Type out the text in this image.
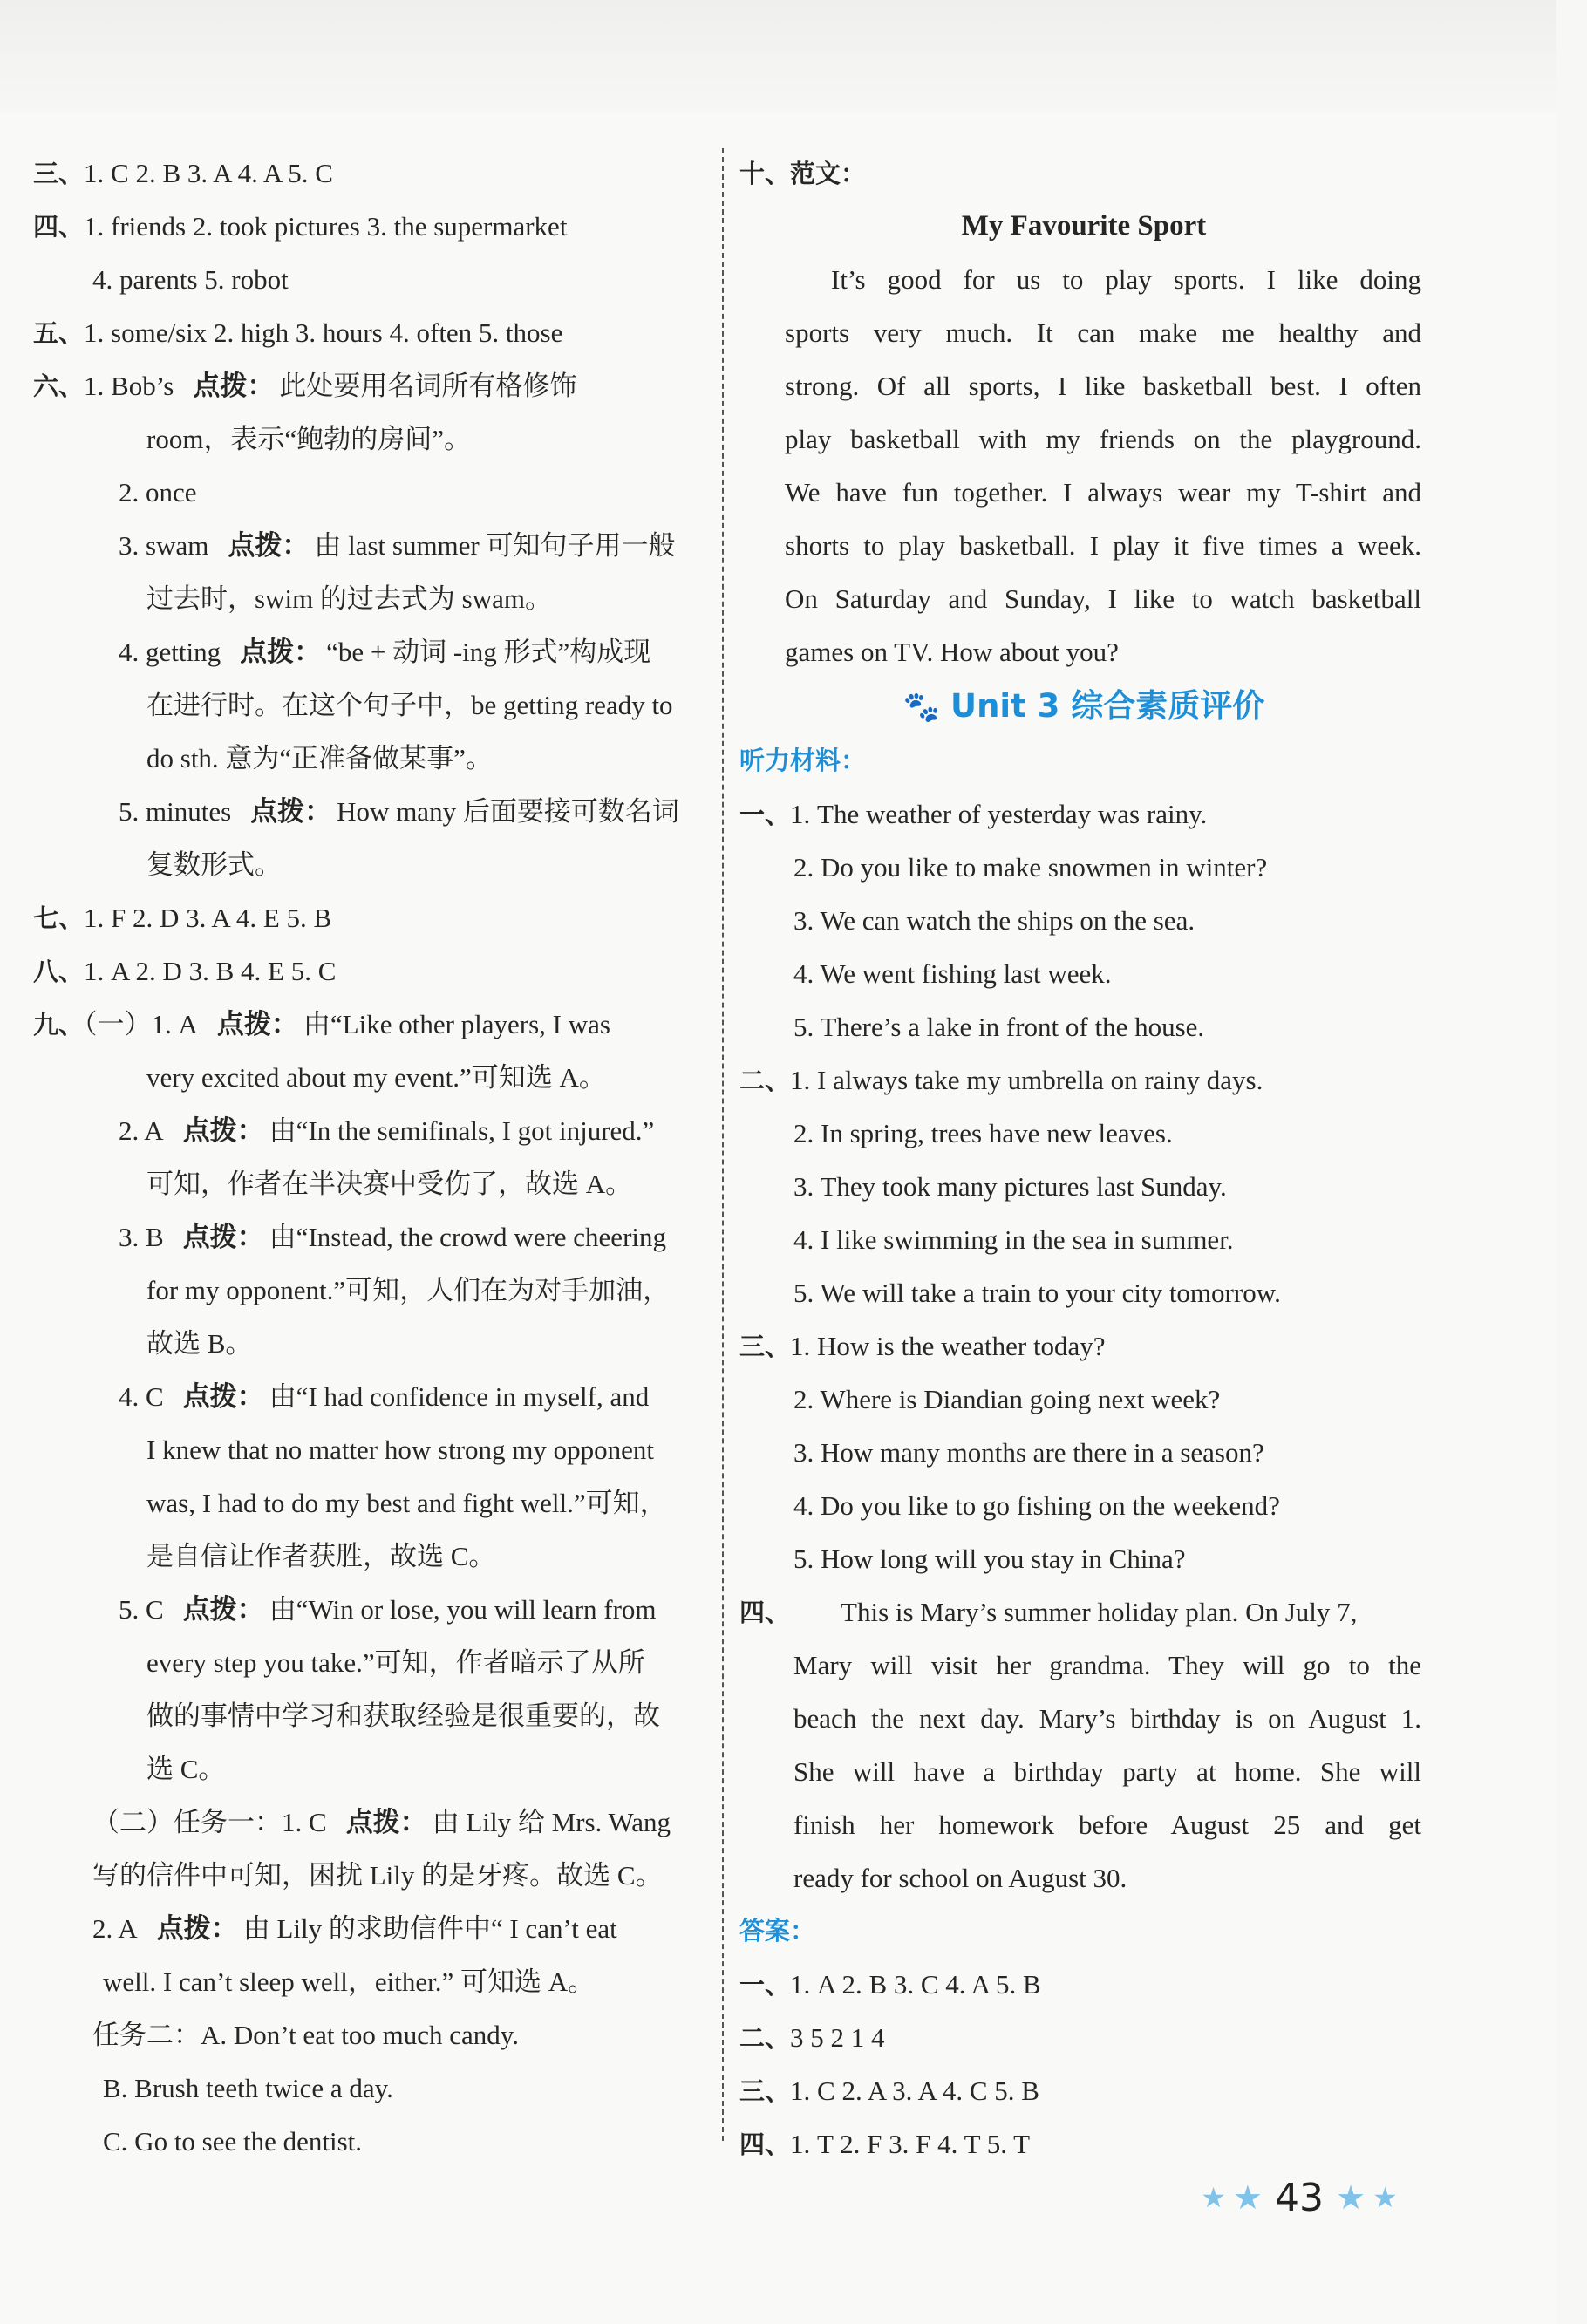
三、1. C 2. B 3. A 4. A 5. C
四、1. friends 2. took pictures 3. the supermarket
4. parents 5. robot
五、1. some/six 2. high 3. hours 4. often 5. those
六、1. Bob’s 点拨： 此处要用名词所有格修饰
room，表示“鲍勃的房间”。
2. once
3. swam 点拨： 由 last summer 可知句子用一般
过去时，swim 的过去式为 swam。
4. getting 点拨： “be + 动词 -ing 形式”构成现
在进行时。在这个句子中，be getting ready to
do sth. 意为“正准备做某事”。
5. minutes 点拨： How many 后面要接可数名词
复数形式。
七、1. F 2. D 3. A 4. E 5. B
八、1. A 2. D 3. B 4. E 5. C
九、（一）1. A 点拨： 由“Like other players, I was
very excited about my event.”可知选 A。
2. A 点拨： 由“In the semifinals, I got injured.”
可知，作者在半决赛中受伤了，故选 A。
3. B 点拨： 由“Instead, the crowd were cheering
for my opponent.”可知，人们在为对手加油，
故选 B。
4. C 点拨： 由“I had confidence in myself, and
I knew that no matter how strong my opponent
was, I had to do my best and fight well.”可知，
是自信让作者获胜，故选 C。
5. C 点拨： 由“Win or lose, you will learn from
every step you take.”可知，作者暗示了从所
做的事情中学习和获取经验是很重要的，故
选 C。
（二）任务一：1. C 点拨： 由 Lily 给 Mrs. Wang
写的信件中可知，困扰 Lily 的是牙疼。故选 C。
2. A 点拨： 由 Lily 的求助信件中“ I can’t eat
well. I can’t sleep well，either.” 可知选 A。
任务二：A. Don’t eat too much candy.
B. Brush teeth twice a day.
C. Go to see the dentist.
十、范文：
My Favourite Sport
It’s good for us to play sports. I like doing
sports very much. It can make me healthy and
strong. Of all sports, I like basketball best. I often
play basketball with my friends on the playground.
We have fun together. I always wear my T-shirt and
shorts to play basketball. I play it five times a week.
On Saturday and Sunday, I like to watch basketball
games on TV. How about you?
🐾 Unit 3 综合素质评价
听力材料：
一、1. The weather of yesterday was rainy.
2. Do you like to make snowmen in winter?
3. We can watch the ships on the sea.
4. We went fishing last week.
5. There’s a lake in front of the house.
二、1. I always take my umbrella on rainy days.
2. In spring, trees have new leaves.
3. They took many pictures last Sunday.
4. I like swimming in the sea in summer.
5. We will take a train to your city tomorrow.
三、1. How is the weather today?
2. Where is Diandian going next week?
3. How many months are there in a season?
4. Do you like to go fishing on the weekend?
5. How long will you stay in China?
四、 This is Mary’s summer holiday plan. On July 7,
Mary will visit her grandma. They will go to the
beach the next day. Mary’s birthday is on August 1.
She will have a birthday party at home. She will
finish her homework before August 25 and get
ready for school on August 30.
答案：
一、1. A 2. B 3. C 4. A 5. B
二、3 5 2 1 4
三、1. C 2. A 3. A 4. C 5. B
四、1. T 2. F 3. F 4. T 5. T
★ ★ 43 ★ ★
